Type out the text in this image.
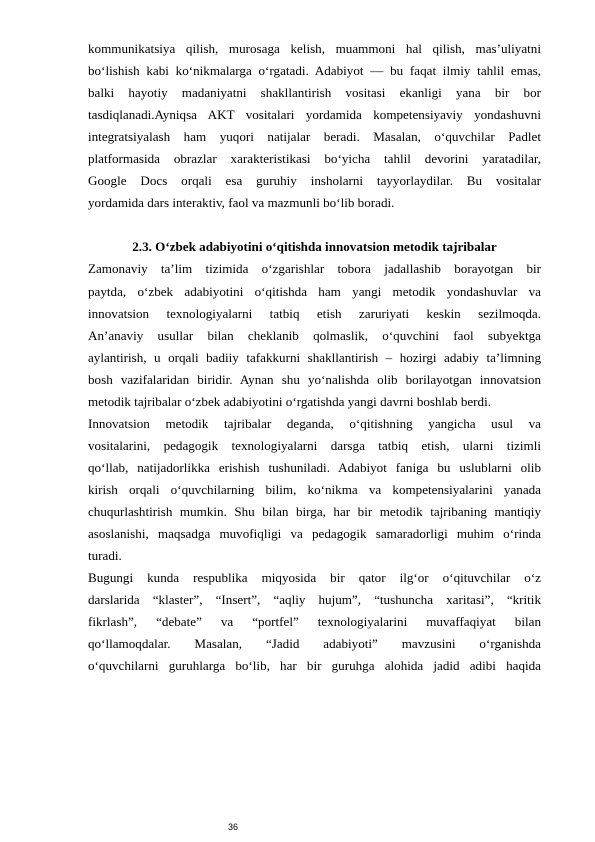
kommunikatsiya qilish, murosaga kelish, muammoni hal qilish, mas’uliyatni
bo‘lishish kabi ko‘nikmalarga o‘rgatadi. Adabiyot — bu faqat ilmiy tahlil emas,
balki hayotiy madaniyatni shakllantirish vositasi ekanligi yana bir bor
tasdiqlanadi.Ayniqsa AKT vositalari yordamida kompetensiyaviy yondashuvni
integratsiyalash ham yuqori natijalar beradi. Masalan, o‘quvchilar Padlet
platformasida obrazlar xarakteristikasi bo‘yicha tahlil devorini yaratadilar,
Google Docs orqali esa guruhiy insholarni tayyorlaydilar. Bu vositalar
yordamida dars interaktiv, faol va mazmunli bo‘lib boradi.
2.3. O‘zbek adabiyotini o‘qitishda innovatsion metodik tajribalar
Zamonaviy ta’lim tizimida o‘zgarishlar tobora jadallashib borayotgan bir
paytda, o‘zbek adabiyotini o‘qitishda ham yangi metodik yondashuvlar va
innovatsion texnologiyalarni tatbiq etish zaruriyati keskin sezilmoqda.
An’anaviy usullar bilan cheklanib qolmaslik, o‘quvchini faol subyektga
aylantirish, u orqali badiiy tafakkurni shakllantirish – hozirgi adabiy ta’limning
bosh vazifalaridan biridir. Aynan shu yo‘nalishda olib borilayotgan innovatsion
metodik tajribalar o‘zbek adabiyotini o‘rgatishda yangi davrni boshlab berdi.
Innovatsion metodik tajribalar deganda, o‘qitishning yangicha usul va
vositalarini, pedagogik texnologiyalarni darsga tatbiq etish, ularni tizimli
qo‘llab, natijadorlikka erishish tushuniladi. Adabiyot faniga bu uslublarni olib
kirish orqali o‘quvchilarning bilim, ko‘nikma va kompetensiyalarini yanada
chuqurlashtirish mumkin. Shu bilan birga, har bir metodik tajribaning mantiqiy
asoslanishi, maqsadga muvofiqligi va pedagogik samaradorligi muhim o‘rinda
turadi.
Bugungi kunda respublika miqyosida bir qator ilg‘or o‘qituvchilar o‘z
darslarida “klaster”, “Insert”, “aqliy hujum”, “tushuncha xaritasi”, “kritik
fikrlash”, “debate” va “portfel” texnologiyalarini muvaffaqiyat bilan
qo‘llamoqdalar. Masalan, “Jadid adabiyoti” mavzusini o‘rganishda
o‘quvchilarni guruhlarga bo‘lib, har bir guruhga alohida jadid adibi haqida
36
